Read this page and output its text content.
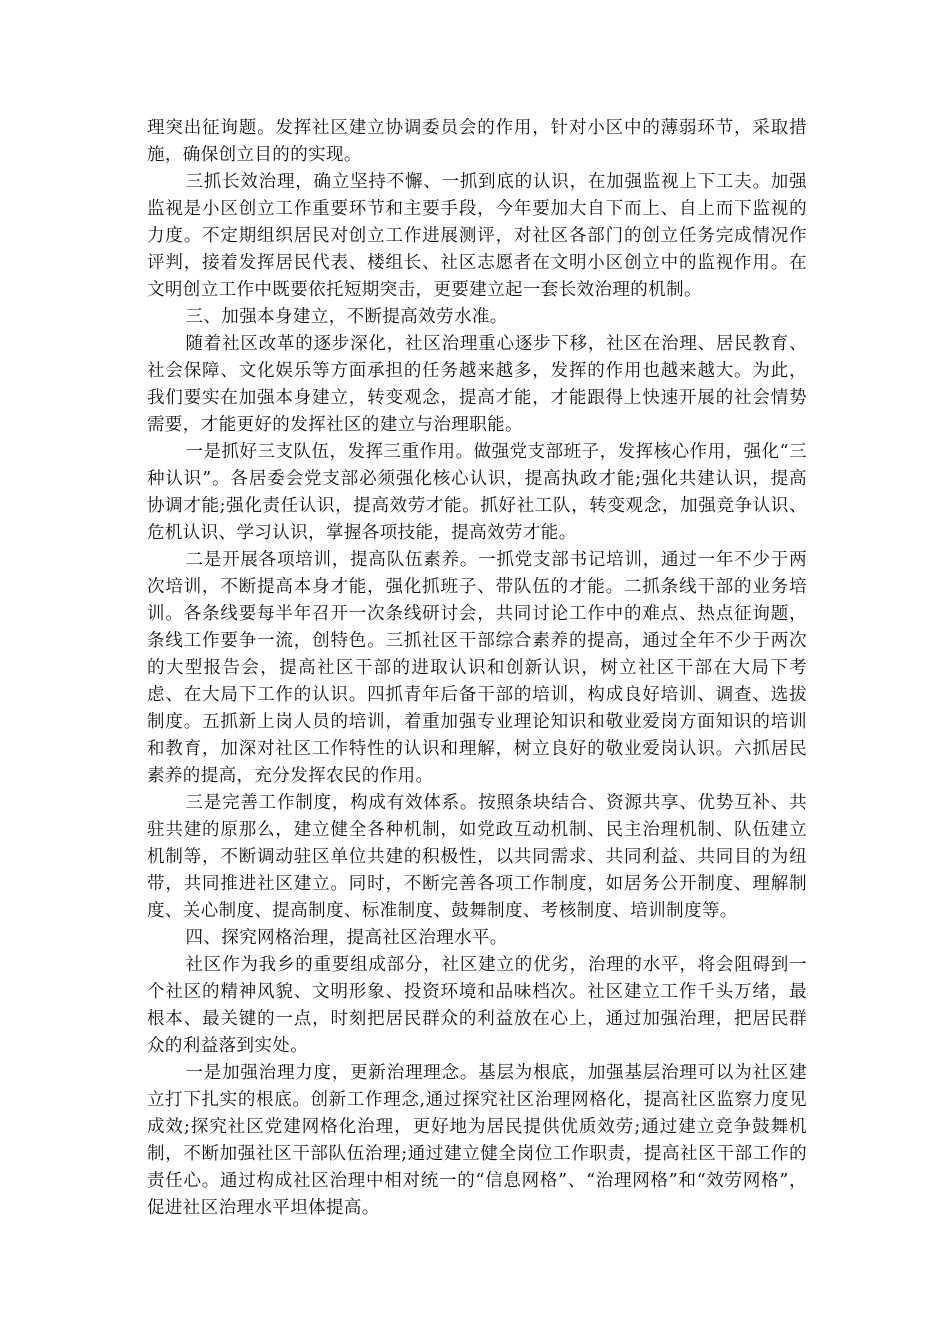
理突出征询题。发挥社区建立协调委员会的作用，针对小区中的薄弱环节，采取措施，确保创立目的的实现。

三抓长效治理，确立坚持不懈、一抓到底的认识，在加强监视上下工夫。加强监视是小区创立工作重要环节和主要手段，今年要加大自下而上、自上而下监视的力度。不定期组织居民对创立工作进展测评，对社区各部门的创立任务完成情况作评判，接着发挥居民代表、楼组长、社区志愿者在文明小区创立中的监视作用。在文明创立工作中既要依托短期突击，更要建立起一套长效治理的机制。

三、加强本身建立，不断提高效劳水准。

随着社区改革的逐步深化，社区治理重心逐步下移，社区在治理、居民教育、社会保障、文化娱乐等方面承担的任务越来越多，发挥的作用也越来越大。为此，我们要实在加强本身建立，转变观念，提高才能，才能跟得上快速开展的社会情势需要，才能更好的发挥社区的建立与治理职能。

一是抓好三支队伍，发挥三重作用。做强党支部班子，发挥核心作用，强化“三种认识”。各居委会党支部必须强化核心认识，提高执政才能;强化共建认识，提高协调才能;强化责任认识，提高效劳才能。抓好社工队，转变观念，加强竞争认识、危机认识、学习认识，掌握各项技能，提高效劳才能。

二是开展各项培训，提高队伍素养。一抓党支部书记培训，通过一年不少于两次培训，不断提高本身才能，强化抓班子、带队伍的才能。二抓条线干部的业务培训。各条线要每半年召开一次条线研讨会，共同讨论工作中的难点、热点征询题，条线工作要争一流，创特色。三抓社区干部综合素养的提高，通过全年不少于两次的大型报告会，提高社区干部的进取认识和创新认识，树立社区干部在大局下考虑、在大局下工作的认识。四抓青年后备干部的培训，构成良好培训、调查、选拔制度。五抓新上岗人员的培训，着重加强专业理论知识和敬业爱岗方面知识的培训和教育，加深对社区工作特性的认识和理解，树立良好的敬业爱岗认识。六抓居民素养的提高，充分发挥农民的作用。

三是完善工作制度，构成有效体系。按照条块结合、资源共享、优势互补、共驻共建的原那么，建立健全各种机制，如党政互动机制、民主治理机制、队伍建立机制等，不断调动驻区单位共建的积极性，以共同需求、共同利益、共同目的为纽带，共同推进社区建立。同时，不断完善各项工作制度，如居务公开制度、理解制度、关心制度、提高制度、标准制度、鼓舞制度、考核制度、培训制度等。

四、探究网格治理，提高社区治理水平。

社区作为我乡的重要组成部分，社区建立的优劣，治理的水平，将会阻碍到一个社区的精神风貌、文明形象、投资环境和品味档次。社区建立工作千头万绪，最根本、最关键的一点，时刻把居民群众的利益放在心上，通过加强治理，把居民群众的利益落到实处。

一是加强治理力度，更新治理理念。基层为根底，加强基层治理可以为社区建立打下扎实的根底。创新工作理念,通过探究社区治理网格化，提高社区监察力度见成效;探究社区党建网格化治理，更好地为居民提供优质效劳;通过建立竞争鼓舞机制，不断加强社区干部队伍治理;通过建立健全岗位工作职责，提高社区干部工作的责任心。通过构成社区治理中相对统一的“信息网格”、“治理网格”和“效劳网格”，促进社区治理水平坦体提高。
